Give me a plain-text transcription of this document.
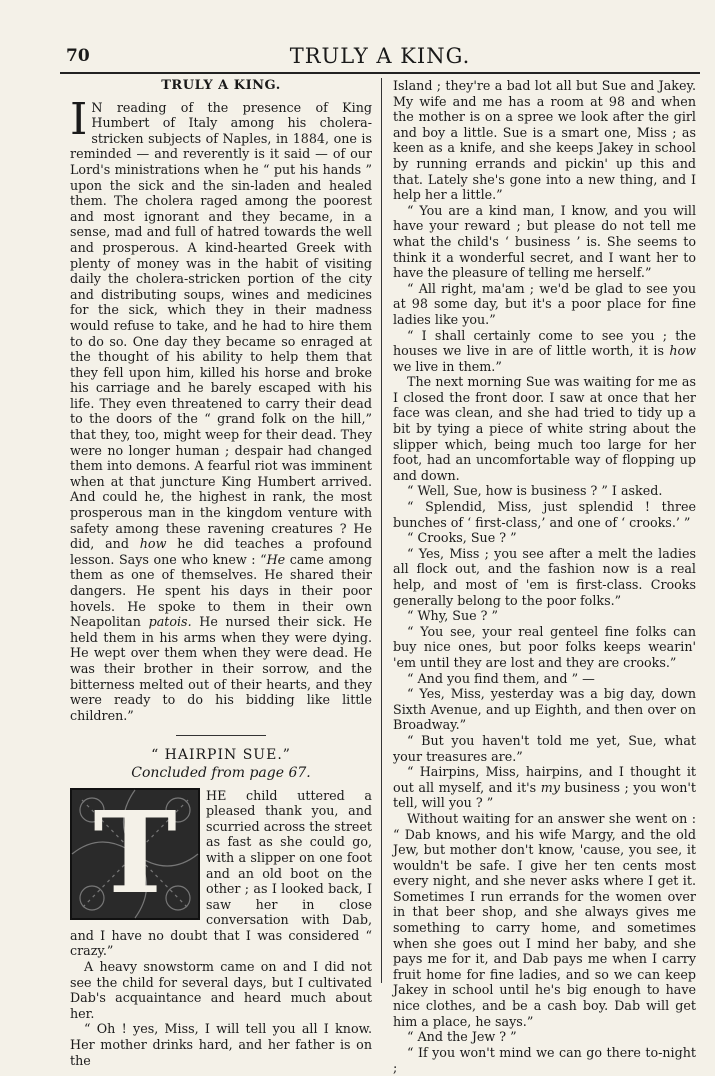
70	TRULY A KING.
TRULY A KING.

I N reading of the presence of King Humbert of Italy among his cholera-stricken subjects of Naples, in 1884, one is reminded — and reverently is it said — of our Lord's ministrations when he “ put his hands ” upon the sick and the sin-laden and healed them. The cholera raged among the poorest and most ignorant and they became, in a sense, mad and full of hatred towards the well and prosperous. A kind-hearted Greek with plenty of money was in the habit of visiting daily the cholera-stricken portion of the city and distributing soups, wines and medicines for the sick, which they in their madness would refuse to take, and he had to hire them to do so. One day they became so enraged at the thought of his ability to help them that they fell upon him, killed his horse and broke his carriage and he barely escaped with his life. They even threatened to carry their dead to the doors of the “ grand folk on the hill,” that they, too, might weep for their dead. They were no longer human ; despair had changed them into demons. A fearful riot was imminent when at that juncture King Humbert arrived. And could he, the highest in rank, the most prosperous man in the kingdom venture with safety among these ravening creatures ? He did, and how he did teaches a profound lesson. Says one who knew : “He came among them as one of themselves. He shared their dangers. He spent his days in their poor hovels. He spoke to them in their own Neapolitan patois. He nursed their sick. He held them in his arms when they were dying. He wept over them when they were dead. He was their brother in their sorrow, and the bitterness melted out of their hearts, and they were ready to do his bidding like little children.”

“ HAIRPIN SUE.”
Concluded from page 67.

T	HE child uttered a pleased thank you, and scurried across the street as fast as she could go, with a slipper on one foot and an old boot on the other ; as I looked back, I saw her in close conversation with Dab, and I have no doubt that I was considered “ crazy.”

A heavy snowstorm came on and I did not see the child for several days, but I cultivated Dab's acquaintance and heard much about her.

“ Oh ! yes, Miss, I will tell you all I know. Her mother drinks hard, and her father is on the

Island ; they're a bad lot all but Sue and Jakey. My wife and me has a room at 98 and when the mother is on a spree we look after the girl and boy a little. Sue is a smart one, Miss ; as keen as a knife, and she keeps Jakey in school by running errands and pickin' up this and that. Lately she's gone into a new thing, and I help her a little.”

“ You are a kind man, I know, and you will have your reward ; but please do not tell me what the child's ‘ business ’ is. She seems to think it a wonderful secret, and I want her to have the pleasure of telling me herself.”

“ All right, ma'am ; we'd be glad to see you at 98 some day, but it's a poor place for fine ladies like you.”

“ I shall certainly come to see you ; the houses we live in are of little worth, it is how we live in them.”

The next morning Sue was waiting for me as I closed the front door. I saw at once that her face was clean, and she had tried to tidy up a bit by tying a piece of white string about the slipper which, being much too large for her foot, had an uncomfortable way of flopping up and down.

“ Well, Sue, how is business ? ” I asked.

“ Splendid, Miss, just splendid ! three bunches of ‘ first-class,’ and one of ‘ crooks.’ ”

“ Crooks, Sue ? ”

“ Yes, Miss ; you see after a melt the ladies all flock out, and the fashion now is a real help, and most of 'em is first-class. Crooks generally belong to the poor folks.”

“ Why, Sue ? ”

“ You see, your real genteel fine folks can buy nice ones, but poor folks keeps wearin' 'em until they are lost and they are crooks.”

“ And you find them, and ” —

“ Yes, Miss, yesterday was a big day, down Sixth Avenue, and up Eighth, and then over on Broadway.”

“ But you haven't told me yet, Sue, what your treasures are.”

“ Hairpins, Miss, hairpins, and I thought it out all myself, and it's my business ; you won't tell, will you ? ”

Without waiting for an answer she went on : “ Dab knows, and his wife Margy, and the old Jew, but mother don't know, 'cause, you see, it wouldn't be safe. I give her ten cents most every night, and she never asks where I get it. Sometimes I run errands for the women over in that beer shop, and she always gives me something to carry home, and sometimes when she goes out I mind her baby, and she pays me for it, and Dab pays me when I carry fruit home for fine ladies, and so we can keep Jakey in school until he's big enough to have nice clothes, and be a cash boy. Dab will get him a place, he says.”

“ And the Jew ? ”

“ If you won't mind we can go there to-night ;
